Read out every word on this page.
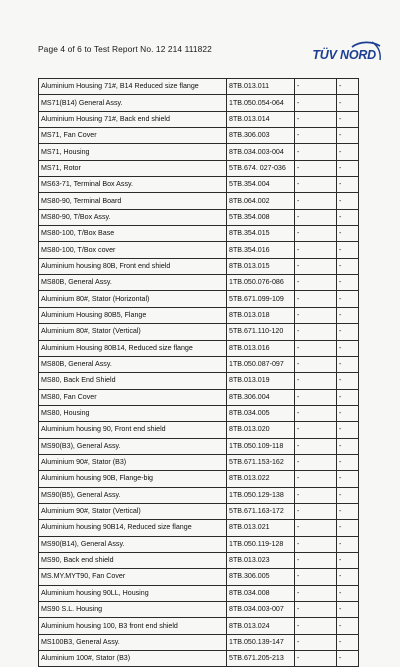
Page 4 of 6 to Test Report No. 12 214 111822	TÜV NORD
Aluminium Housing 71#, B14 Reduced size flange	8TB.013.011	-	-
MS71(B14) General Assy.	1TB.050.054-064	-	-
Aluminium Housing 71#, Back end shield	8TB.013.014	-	-
MS71, Fan Cover	8TB.306.003	-	-
MS71, Housing	8TB.034.003-004	-	-
MS71, Rotor	5TB.674. 027-036	-	-
MS63-71, Terminal Box Assy.	5TB.354.004	-	-
MS80-90, Terminal Board	8TB.064.002	-	-
MS80-90, T/Box Assy.	5TB.354.008	-	-
MS80-100, T/Box Base	8TB.354.015	-	-
MS80-100, T/Box cover	8TB.354.016	-	-
Aluminium housing 80B, Front end shield	8TB.013.015	-	-
MS80B, General Assy.	1TB.050.076-086	-	-
Aluminium 80#, Stator (Horizontal)	5TB.671.099-109	-	-
Aluminium Housing 80B5, Flange	8TB.013.018	-	-
Aluminium 80#, Stator (Vertical)	5TB.671.110-120	-	-
Aluminium Housing 80B14, Reduced size flange	8TB.013.016	-	-
MS80B, General Assy.	1TB.050.087-097	-	-
MS80, Back End Shield	8TB.013.019	-	-
MS80, Fan Cover	8TB.306.004	-	-
MS80, Housing	8TB.034.005	-	-
Aluminium housing 90, Front end shield	8TB.013.020	-	-
MS90(B3), General Assy.	1TB.050.109-118	-	-
Aluminium 90#, Stator (B3)	5TB.671.153-162	-	-
Aluminium housing 90B, Flange-big	8TB.013.022	-	-
MS90(B5), General Assy.	1TB.050.129-138	-	-
Aluminium 90#, Stator (Vertical)	5TB.671.163-172	-	-
Aluminium housing 90B14, Reduced size flange	8TB.013.021	-	-
MS90(B14), General Assy.	1TB.050.119-128	-	-
MS90, Back end shield	8TB.013.023	-	-
MS.MY.MYT90, Fan Cover	8TB.306.005	-	-
Aluminium housing 90LL, Housing	8TB.034.008	-	-
MS90 S.L. Housing	8TB.034.003-007	-	-
Aluminium housing 100, B3 front end shield	8TB.013.024	-	-
MS100B3, General Assy.	1TB.050.139-147	-	-
Aluminium 100#, Stator (B3)	5TB.671.205-213	-	-
